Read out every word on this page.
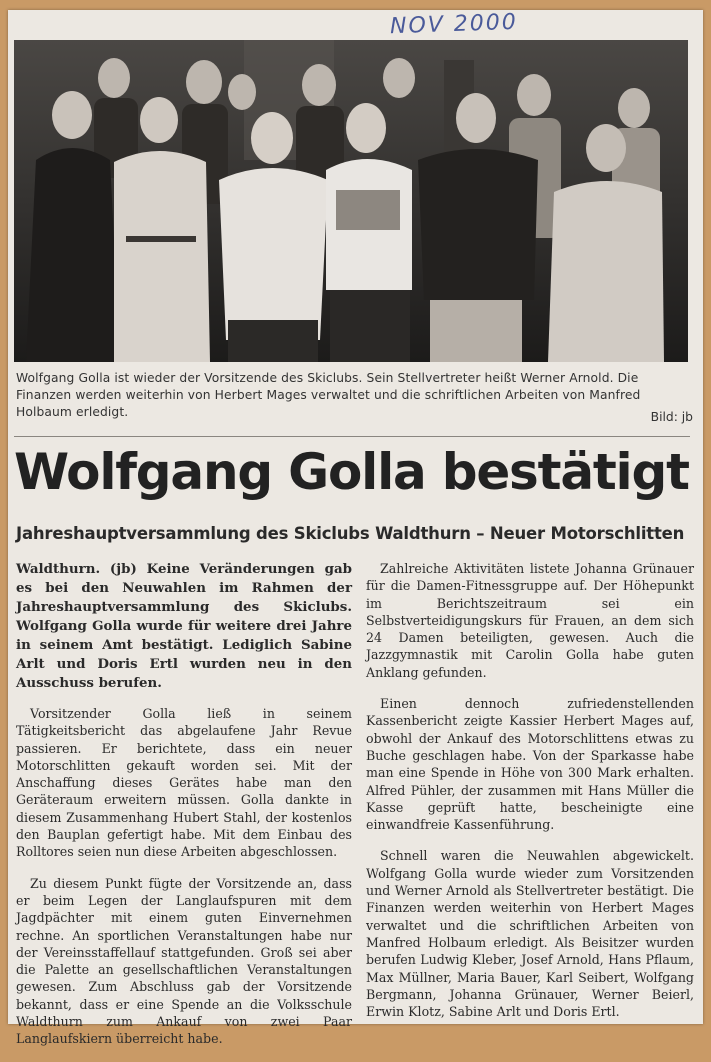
NOV 2000
Wolfgang Golla ist wieder der Vorsitzende des Skiclubs. Sein Stellvertreter heißt Werner Arnold. Die Finanzen werden weiterhin von Herbert Mages verwaltet und die schriftlichen Arbeiten von Manfred Holbaum erledigt.	Bild: jb
Wolfgang Golla bestätigt
Jahreshauptversammlung des Skiclubs Waldthurn – Neuer Motorschlitten

Waldthurn. (jb) Keine Veränderungen gab es bei den Neuwahlen im Rahmen der Jahreshauptversammlung des Skiclubs. Wolfgang Golla wurde für weitere drei Jahre in seinem Amt bestätigt. Lediglich Sabine Arlt und Doris Ertl wurden neu in den Ausschuss berufen.

Vorsitzender Golla ließ in seinem Tätigkeitsbericht das abgelaufene Jahr Revue passieren. Er berichtete, dass ein neuer Motorschlitten gekauft worden sei. Mit der Anschaffung dieses Gerätes habe man den Geräteraum erweitern müssen. Golla dankte in diesem Zusammenhang Hubert Stahl, der kostenlos den Bauplan gefertigt habe. Mit dem Einbau des Rolltores seien nun diese Arbeiten abgeschlossen.

Zu diesem Punkt fügte der Vorsitzende an, dass er beim Legen der Langlaufspuren mit dem Jagdpächter mit einem guten Einvernehmen rechne. An sportlichen Veranstaltungen habe nur der Vereinsstaffellauf stattgefunden. Groß sei aber die Palette an gesellschaftlichen Veranstaltungen gewesen. Zum Abschluss gab der Vorsitzende bekannt, dass er eine Spende an die Volksschule Waldthurn zum Ankauf von zwei Paar Langlaufskiern überreicht habe.

Zahlreiche Aktivitäten listete Johanna Grünauer für die Damen-Fitnessgruppe auf. Der Höhepunkt im Berichtszeitraum sei ein Selbstverteidigungskurs für Frauen, an dem sich 24 Damen beteiligten, gewesen. Auch die Jazzgymnastik mit Carolin Golla habe guten Anklang gefunden.

Einen dennoch zufriedenstellenden Kassenbericht zeigte Kassier Herbert Mages auf, obwohl der Ankauf des Motorschlittens etwas zu Buche geschlagen habe. Von der Sparkasse habe man eine Spende in Höhe von 300 Mark erhalten. Alfred Pühler, der zusammen mit Hans Müller die Kasse geprüft hatte, bescheinigte eine einwandfreie Kassenführung.

Schnell waren die Neuwahlen abgewickelt. Wolfgang Golla wurde wieder zum Vorsitzenden und Werner Arnold als Stellvertreter bestätigt. Die Finanzen werden weiterhin von Herbert Mages verwaltet und die schriftlichen Arbeiten von Manfred Holbaum erledigt. Als Beisitzer wurden berufen Ludwig Kleber, Josef Arnold, Hans Pflaum, Max Müllner, Maria Bauer, Karl Seibert, Wolfgang Bergmann, Johanna Grünauer, Werner Beierl, Erwin Klotz, Sabine Arlt und Doris Ertl.
